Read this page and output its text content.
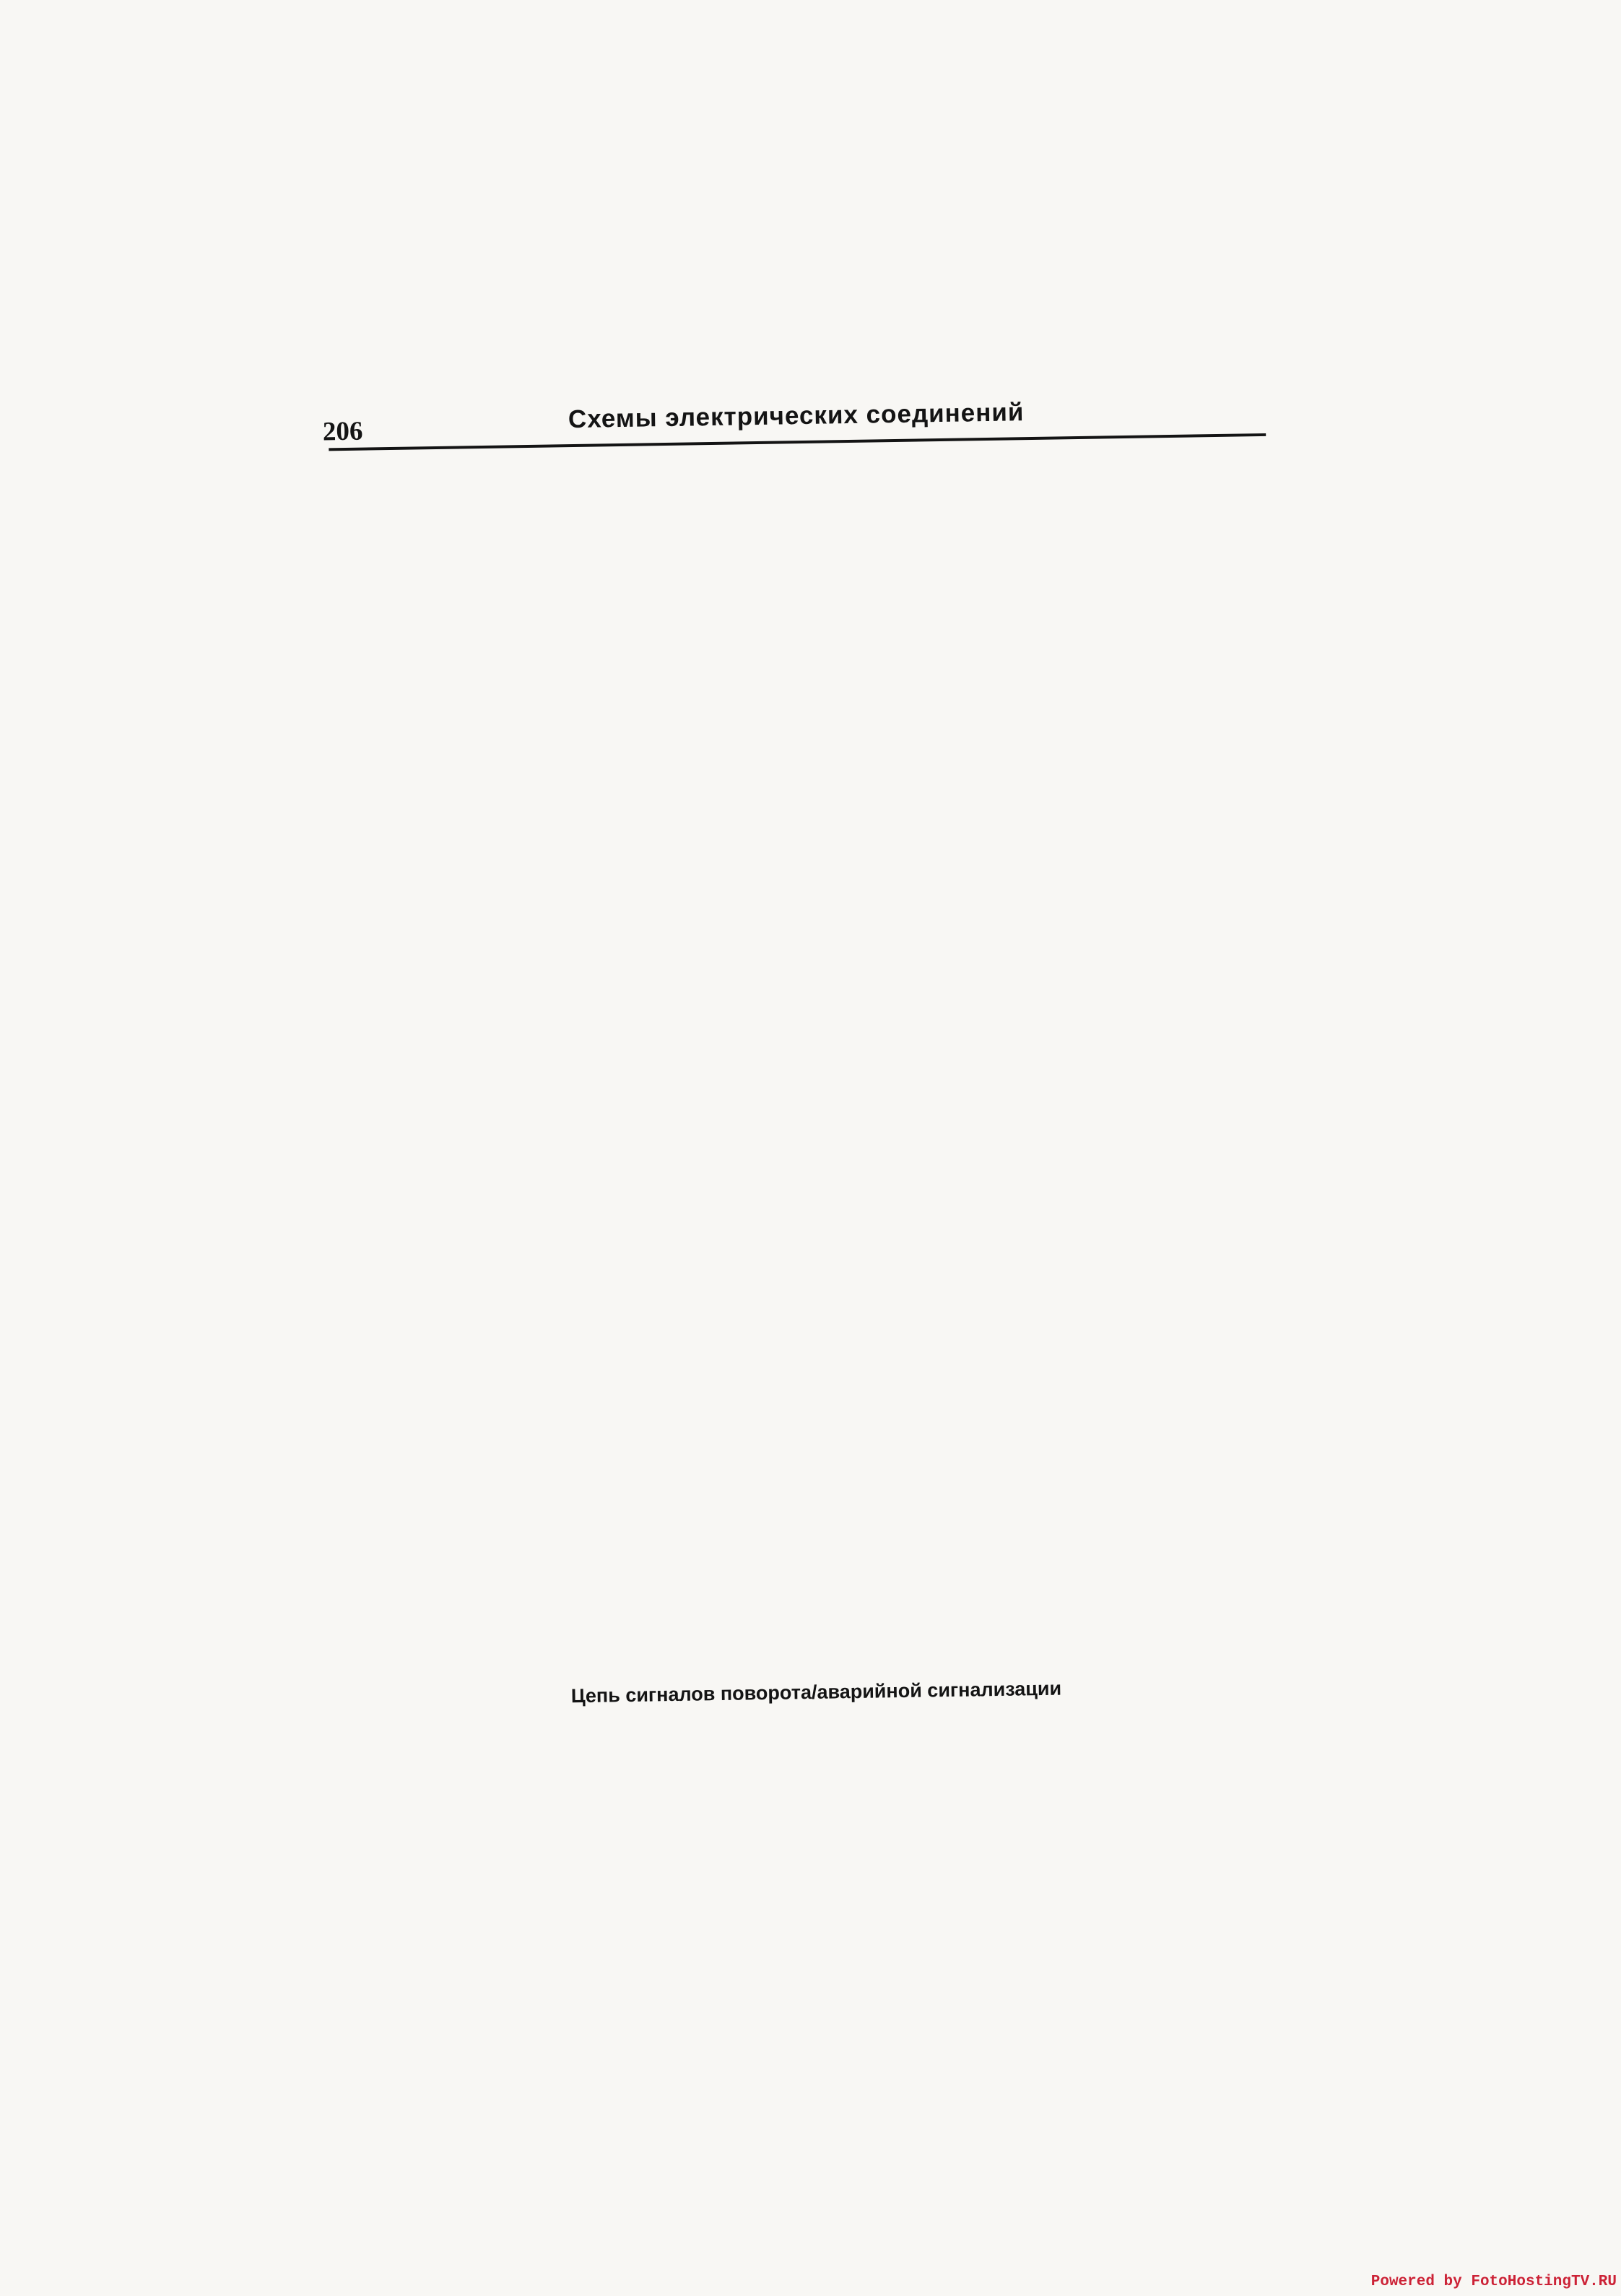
206	Схемы электрических соединений
Цепь сигналов поворота/аварийной сигнализации
Powered by FotoHostingTV.RU
